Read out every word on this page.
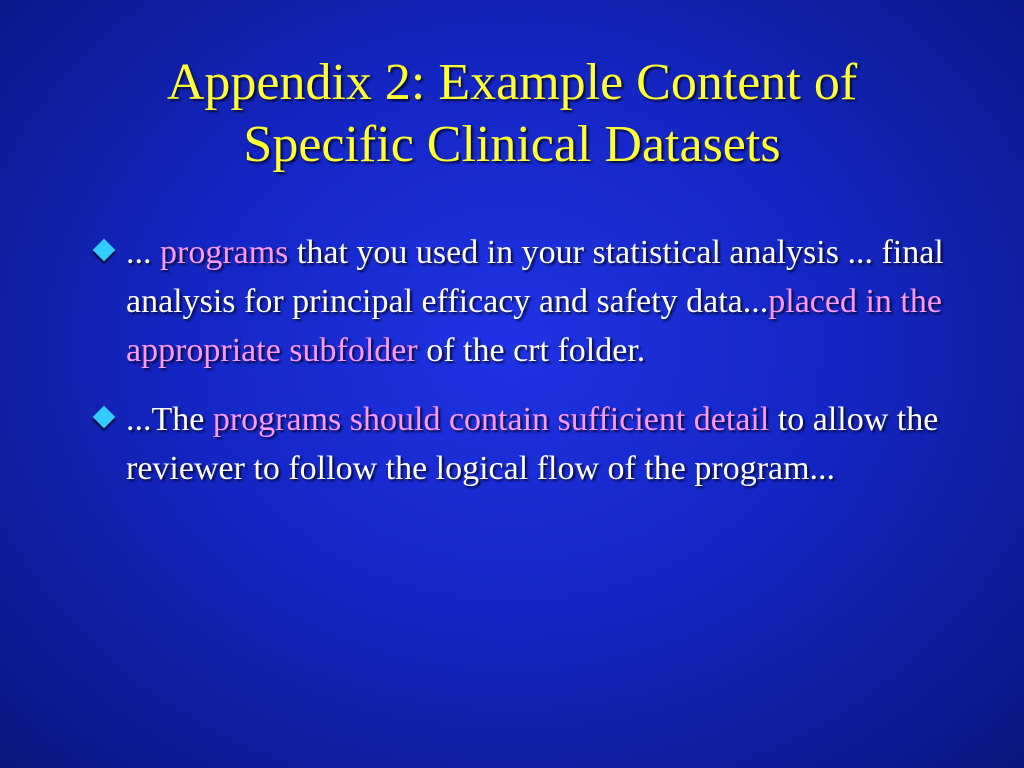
Appendix 2: Example Content of
Specific Clinical Datasets
... programs that you used in your statistical analysis ... final analysis for principal efficacy and safety data...placed in the appropriate subfolder of the crt folder.
...The programs should contain sufficient detail to allow the reviewer to follow the logical flow of the program...
